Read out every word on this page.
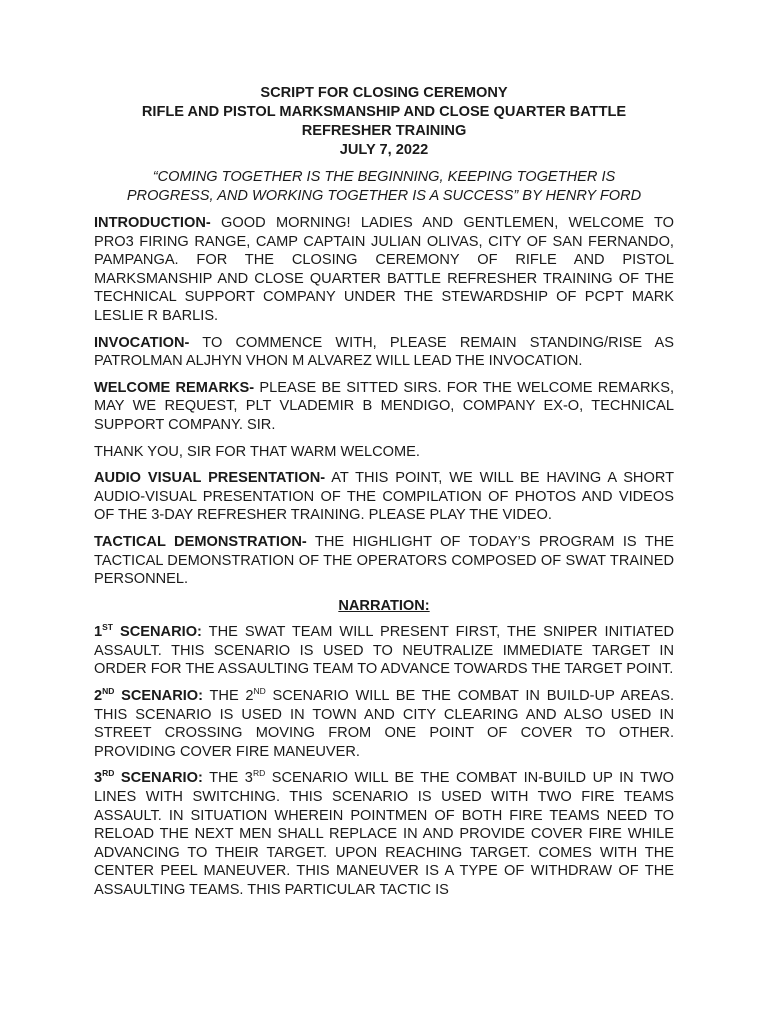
SCRIPT FOR CLOSING CEREMONY
RIFLE AND PISTOL MARKSMANSHIP AND CLOSE QUARTER BATTLE
REFRESHER TRAINING
JULY 7, 2022
“COMING TOGETHER IS THE BEGINNING, KEEPING TOGETHER IS
PROGRESS, AND WORKING TOGETHER IS A SUCCESS” BY HENRY FORD

INTRODUCTION- GOOD MORNING! LADIES AND GENTLEMEN, WELCOME TO PRO3 FIRING RANGE, CAMP CAPTAIN JULIAN OLIVAS, CITY OF SAN FERNANDO, PAMPANGA. FOR THE CLOSING CEREMONY OF RIFLE AND PISTOL MARKSMANSHIP AND CLOSE QUARTER BATTLE REFRESHER TRAINING OF THE TECHNICAL SUPPORT COMPANY UNDER THE STEWARDSHIP OF PCPT MARK LESLIE R BARLIS.

INVOCATION- TO COMMENCE WITH, PLEASE REMAIN STANDING/RISE AS PATROLMAN ALJHYN VHON M ALVAREZ WILL LEAD THE INVOCATION.

WELCOME REMARKS- PLEASE BE SITTED SIRS. FOR THE WELCOME REMARKS, MAY WE REQUEST, PLT VLADEMIR B MENDIGO, COMPANY EX-O, TECHNICAL SUPPORT COMPANY. SIR.

THANK YOU, SIR FOR THAT WARM WELCOME.

AUDIO VISUAL PRESENTATION- AT THIS POINT, WE WILL BE HAVING A SHORT AUDIO-VISUAL PRESENTATION OF THE COMPILATION OF PHOTOS AND VIDEOS OF THE 3-DAY REFRESHER TRAINING. PLEASE PLAY THE VIDEO.

TACTICAL DEMONSTRATION- THE HIGHLIGHT OF TODAY’S PROGRAM IS THE TACTICAL DEMONSTRATION OF THE OPERATORS COMPOSED OF SWAT TRAINED PERSONNEL.

NARRATION:

1ST SCENARIO: THE SWAT TEAM WILL PRESENT FIRST, THE SNIPER INITIATED ASSAULT. THIS SCENARIO IS USED TO NEUTRALIZE IMMEDIATE TARGET IN ORDER FOR THE ASSAULTING TEAM TO ADVANCE TOWARDS THE TARGET POINT.

2ND SCENARIO: THE 2ND SCENARIO WILL BE THE COMBAT IN BUILD-UP AREAS. THIS SCENARIO IS USED IN TOWN AND CITY CLEARING AND ALSO USED IN STREET CROSSING MOVING FROM ONE POINT OF COVER TO OTHER. PROVIDING COVER FIRE MANEUVER.

3RD SCENARIO: THE 3RD SCENARIO WILL BE THE COMBAT IN-BUILD UP IN TWO LINES WITH SWITCHING. THIS SCENARIO IS USED WITH TWO FIRE TEAMS ASSAULT. IN SITUATION WHEREIN POINTMEN OF BOTH FIRE TEAMS NEED TO RELOAD THE NEXT MEN SHALL REPLACE IN AND PROVIDE COVER FIRE WHILE ADVANCING TO THEIR TARGET. UPON REACHING TARGET. COMES WITH THE CENTER PEEL MANEUVER. THIS MANEUVER IS A TYPE OF WITHDRAW OF THE ASSAULTING TEAMS. THIS PARTICULAR TACTIC IS
